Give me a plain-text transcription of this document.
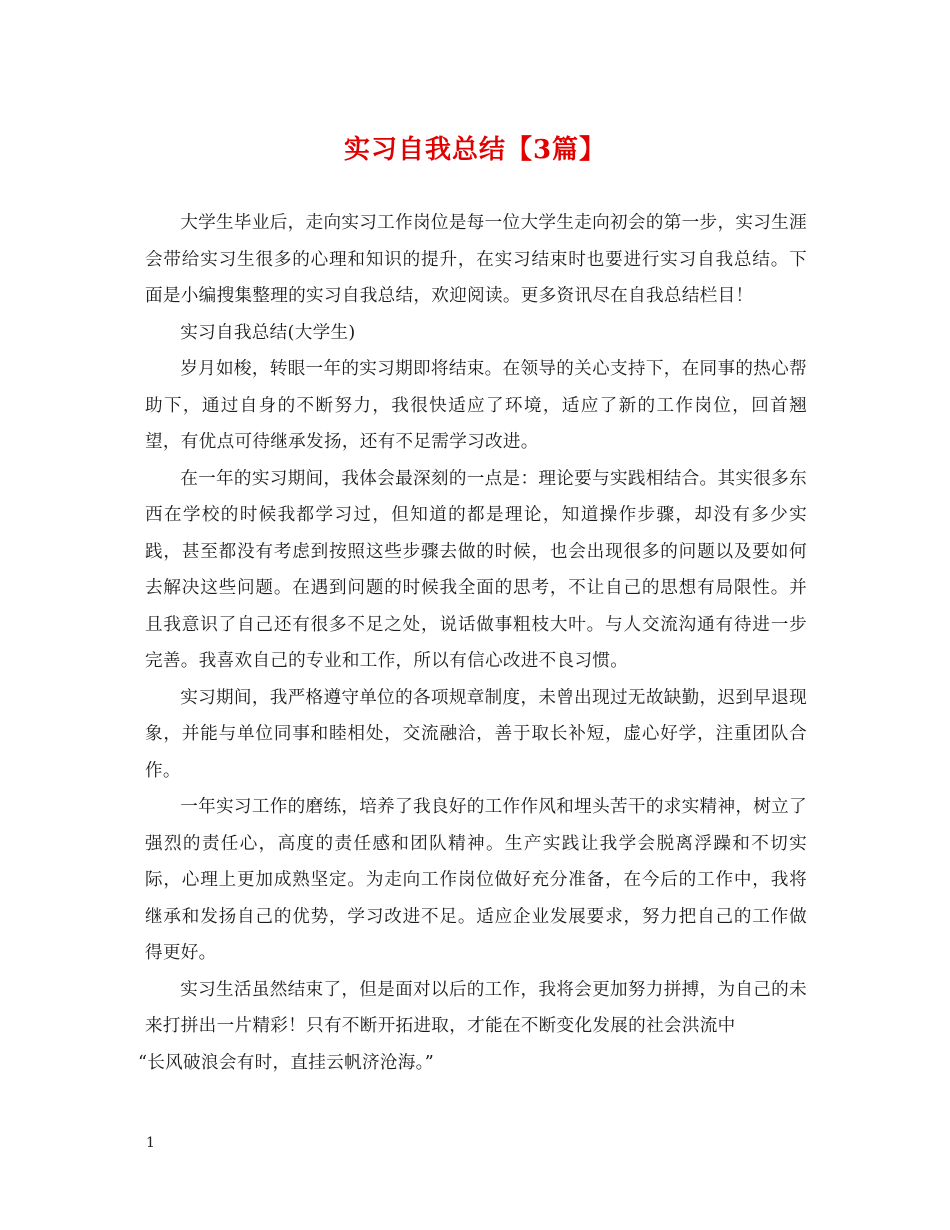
实习自我总结【3篇】

大学生毕业后，走向实习工作岗位是每一位大学生走向初会的第一步，实习生涯会带给实习生很多的心理和知识的提升，在实习结束时也要进行实习自我总结。下面是小编搜集整理的实习自我总结，欢迎阅读。更多资讯尽在自我总结栏目！

实习自我总结(大学生)

岁月如梭，转眼一年的实习期即将结束。在领导的关心支持下，在同事的热心帮助下，通过自身的不断努力，我很快适应了环境，适应了新的工作岗位，回首翘望，有优点可待继承发扬，还有不足需学习改进。

在一年的实习期间，我体会最深刻的一点是：理论要与实践相结合。其实很多东西在学校的时候我都学习过，但知道的都是理论，知道操作步骤，却没有多少实践，甚至都没有考虑到按照这些步骤去做的时候，也会出现很多的问题以及要如何去解决这些问题。在遇到问题的时候我全面的思考，不让自己的思想有局限性。并且我意识了自己还有很多不足之处，说话做事粗枝大叶。与人交流沟通有待进一步完善。我喜欢自己的专业和工作，所以有信心改进不良习惯。

实习期间，我严格遵守单位的各项规章制度，未曾出现过无故缺勤，迟到早退现象，并能与单位同事和睦相处，交流融洽，善于取长补短，虚心好学，注重团队合作。

一年实习工作的磨练，培养了我良好的工作作风和埋头苦干的求实精神，树立了强烈的责任心，高度的责任感和团队精神。生产实践让我学会脱离浮躁和不切实际，心理上更加成熟坚定。为走向工作岗位做好充分准备，在今后的工作中，我将继承和发扬自己的优势，学习改进不足。适应企业发展要求，努力把自己的工作做得更好。

实习生活虽然结束了，但是面对以后的工作，我将会更加努力拼搏，为自己的未来打拼出一片精彩！只有不断开拓进取，才能在不断变化发展的社会洪流中

“长风破浪会有时，直挂云帆济沧海。”

1
